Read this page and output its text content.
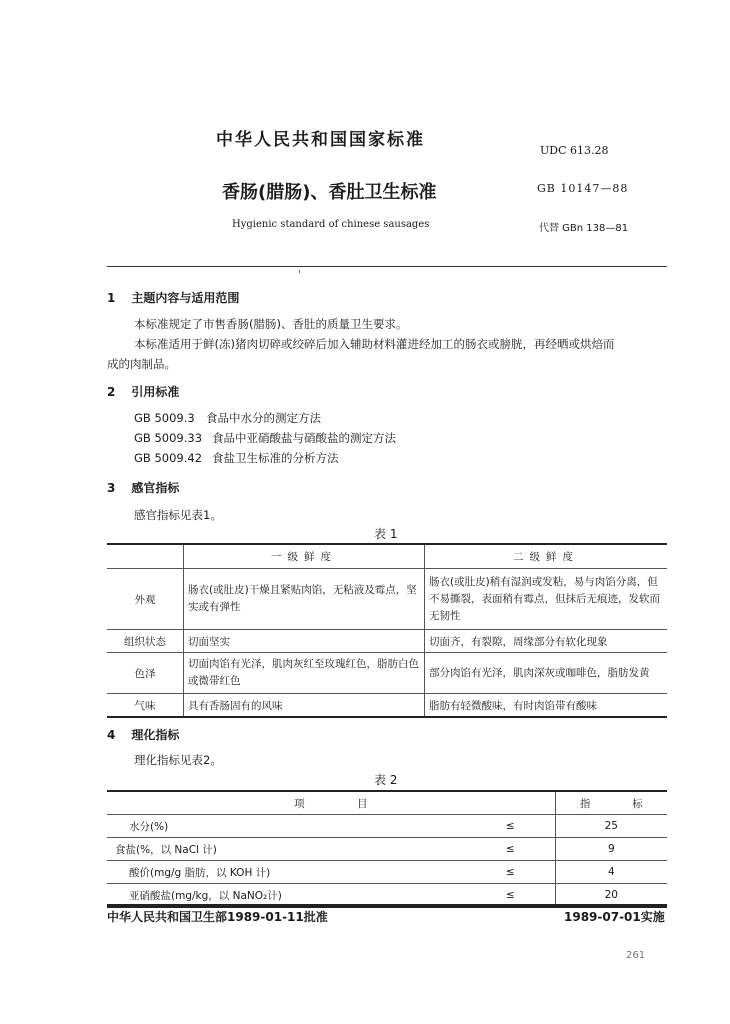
中华人民共和国国家标准
UDC 613.28
香肠(腊肠)、香肚卫生标准	GB 10147—88
Hygienic standard of chinese sausages	代替 GBn 138—81
1 主题内容与适用范围
本标准规定了市售香肠(腊肠)、香肚的质量卫生要求。
本标准适用于鲜(冻)猪肉切碎或绞碎后加入辅助材料灌进经加工的肠衣或膀胱，再经晒或烘焙而
成的肉制品。
2 引用标准
GB 5009.3 食品中水分的测定方法
GB 5009.33 食品中亚硝酸盐与硝酸盐的测定方法
GB 5009.42 食盐卫生标准的分析方法
3 感官指标
感官指标见表1。
表 1
	一级鲜度	二级鲜度
外观	肠衣(或肚皮)干燥且紧贴肉馅，无粘液及霉点，坚实或有弹性	肠衣(或肚皮)稍有湿润或发粘，易与肉馅分离，但不易撕裂，表面稍有霉点，但抹后无痕迹，发软而无韧性
组织状态	切面坚实	切面齐，有裂隙，周缘部分有软化现象
色泽	切面肉馅有光泽，肌肉灰红至玫瑰红色，脂肪白色或微带红色	部分肉馅有光泽，肌肉深灰或咖啡色，脂肪发黄
气味	具有香肠固有的风味	脂肪有轻微酸味，有时肉馅带有酸味
4 理化指标
理化指标见表2。
表 2
项　　　　　目		指　　　　标
水分(%)	≤	25
食盐(%，以 NaCl 计)	≤	9
酸价(mg/g 脂肪，以 KOH 计)	≤	4
亚硝酸盐(mg/kg，以 NaNO₂计)	≤	20
中华人民共和国卫生部1989-01-11批准	1989-07-01实施
261
